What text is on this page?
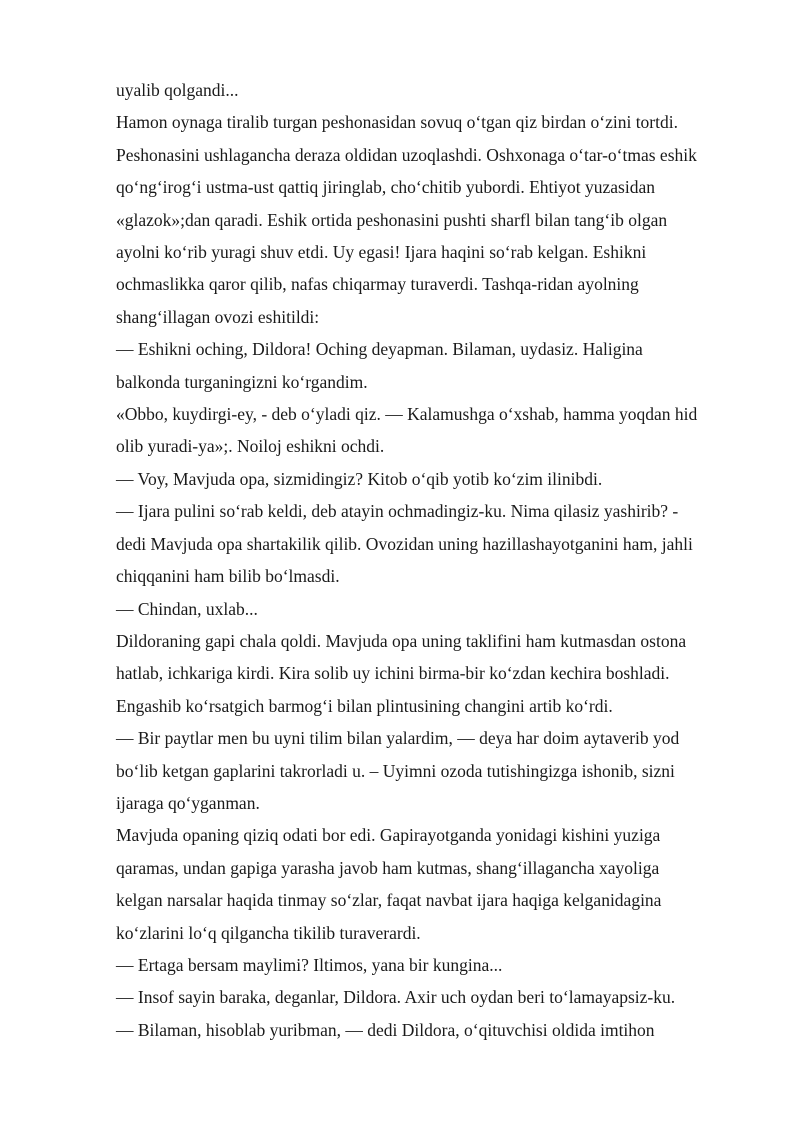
uyalib qolgandi...
Hamon oynaga tiralib turgan peshonasidan sovuq o‘tgan qiz birdan o‘zini tortdi.
Peshonasini ushlagancha deraza oldidan uzoqlashdi. Oshxonaga o‘tar-o‘tmas eshik
qo‘ng‘irog‘i ustma-ust qattiq jiringlab, cho‘chitib yubordi. Ehtiyot yuzasidan
«glazok»;dan qaradi. Eshik ortida peshonasini pushti sharfl bilan tang‘ib olgan
ayolni ko‘rib yuragi shuv etdi. Uy egasi! Ijara haqini so‘rab kelgan. Eshikni
ochmaslikka qaror qilib, nafas chiqarmay turaverdi. Tashqa-ridan ayolning
shang‘illagan ovozi eshitildi:
— Eshikni oching, Dildora! Oching deyapman. Bilaman, uydasiz. Haligina
balkonda turganingizni ko‘rgandim.
«Obbo, kuydirgi-ey, - deb o‘yladi qiz. — Kalamushga o‘xshab, hamma yoqdan hid
olib yuradi-ya»;. Noiloj eshikni ochdi.
— Voy, Mavjuda opa, sizmidingiz? Kitob o‘qib yotib ko‘zim ilinibdi.
— Ijara pulini so‘rab keldi, deb atayin ochmadingiz-ku. Nima qilasiz yashirib? -
dedi Mavjuda opa shartakilik qilib. Ovozidan uning hazillashayotganini ham, jahli
chiqqanini ham bilib bo‘lmasdi.
— Chindan, uxlab...
Dildoraning gapi chala qoldi. Mavjuda opa uning taklifini ham kutmasdan ostona
hatlab, ichkariga kirdi. Kira solib uy ichini birma-bir ko‘zdan kechira boshladi.
Engashib ko‘rsatgich barmog‘i bilan plintusining changini artib ko‘rdi.
— Bir paytlar men bu uyni tilim bilan yalardim, — deya har doim aytaverib yod
bo‘lib ketgan gaplarini takrorladi u. – Uyimni ozoda tutishingizga ishonib, sizni
ijaraga qo‘yganman.
Mavjuda opaning qiziq odati bor edi. Gapirayotganda yonidagi kishini yuziga
qaramas, undan gapiga yarasha javob ham kutmas, shang‘illagancha xayoliga
kelgan narsalar haqida tinmay so‘zlar, faqat navbat ijara haqiga kelganidagina
ko‘zlarini lo‘q qilgancha tikilib turaverardi.
— Ertaga bersam maylimi? Iltimos, yana bir kungina...
— Insof sayin baraka, deganlar, Dildora. Axir uch oydan beri to‘lamayapsiz-ku.
— Bilaman, hisoblab yuribman, — dedi Dildora, o‘qituvchisi oldida imtihon
